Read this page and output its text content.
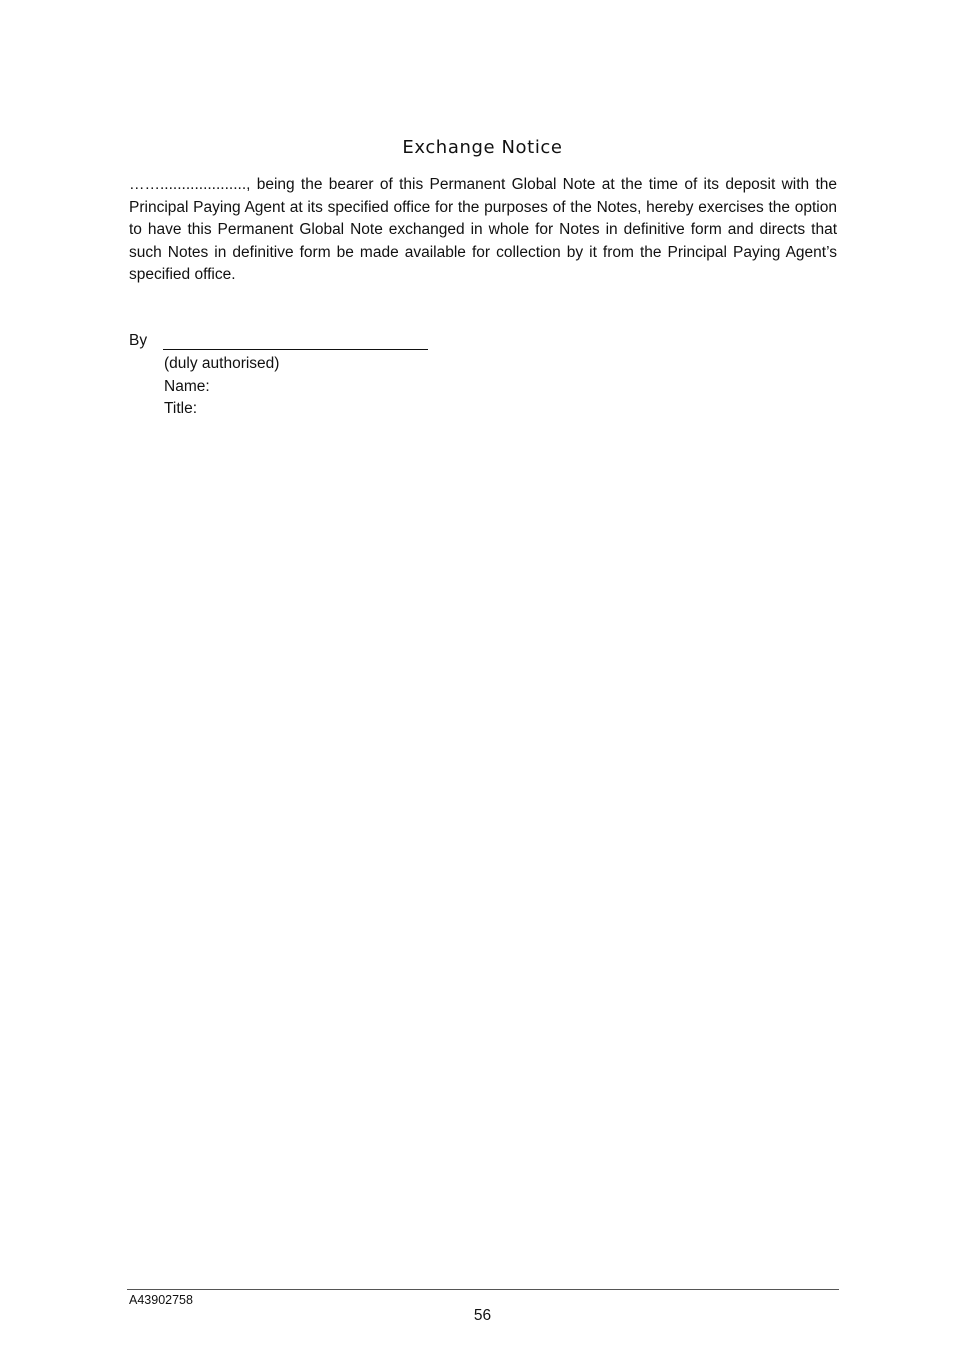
Exchange Notice

……...................., being the bearer of this Permanent Global Note at the time of its deposit with the Principal Paying Agent at its specified office for the purposes of the Notes, hereby exercises the option to have this Permanent Global Note exchanged in whole for Notes in definitive form and directs that such Notes in definitive form be made available for collection by it from the Principal Paying Agent’s specified office.

By
(duly authorised)
Name:
Title:
A43902758
56
